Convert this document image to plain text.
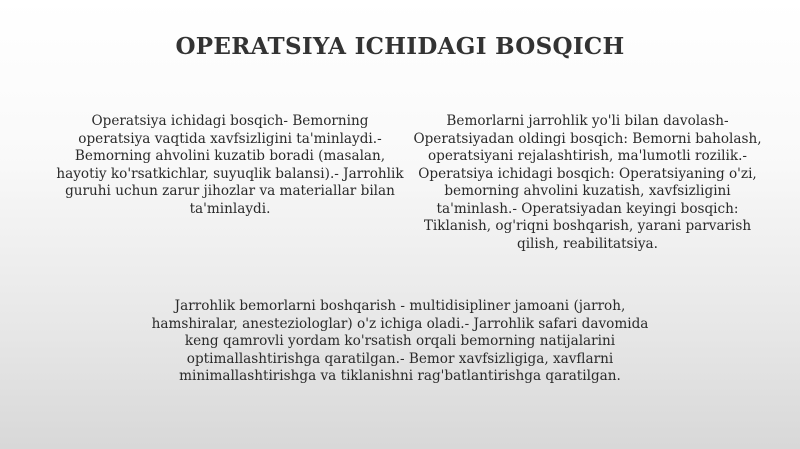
OPERATSIYA ICHIDAGI BOSQICH

Operatsiya ichidagi bosqich- Bemorning operatsiya vaqtida xavfsizligini ta'minlaydi.- Bemorning ahvolini kuzatib boradi (masalan, hayotiy ko'rsatkichlar, suyuqlik balansi).- Jarrohlik guruhi uchun zarur jihozlar va materiallar bilan ta'minlaydi.

Bemorlarni jarrohlik yo'li bilan davolash- Operatsiyadan oldingi bosqich: Bemorni baholash, operatsiyani rejalashtirish, ma'lumotli rozilik.- Operatsiya ichidagi bosqich: Operatsiyaning o'zi, bemorning ahvolini kuzatish, xavfsizligini ta'minlash.- Operatsiyadan keyingi bosqich: Tiklanish, og'riqni boshqarish, yarani parvarish qilish, reabilitatsiya.

Jarrohlik bemorlarni boshqarish - multidisipliner jamoani (jarroh, hamshiralar, anesteziologlar) o'z ichiga oladi.- Jarrohlik safari davomida keng qamrovli yordam ko'rsatish orqali bemorning natijalarini optimallashtirishga qaratilgan.- Bemor xavfsizligiga, xavflarni minimallashtirishga va tiklanishni rag'batlantirishga qaratilgan.
